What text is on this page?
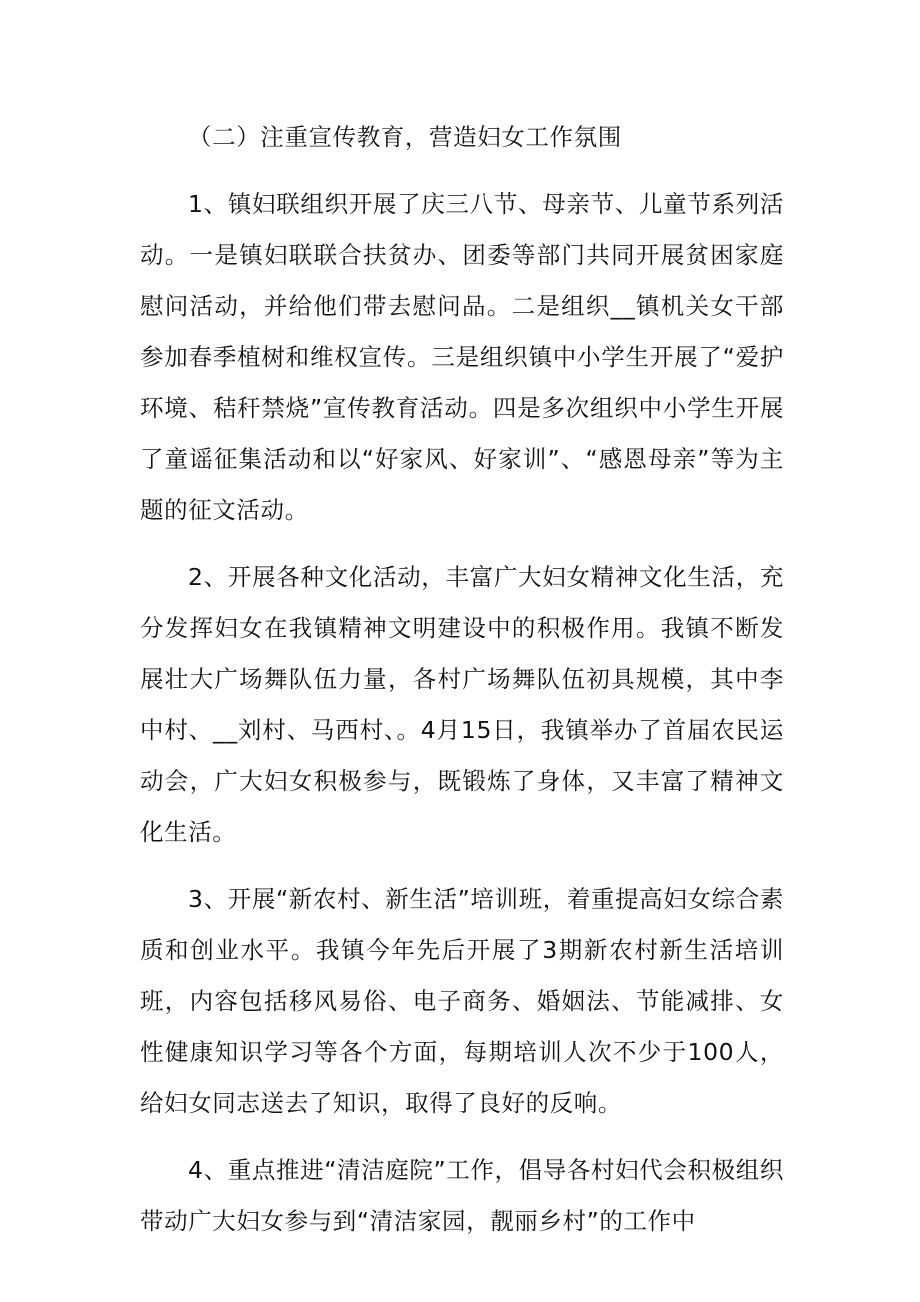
（二）注重宣传教育，营造妇女工作氛围

1、镇妇联组织开展了庆三八节、母亲节、儿童节系列活动。一是镇妇联联合扶贫办、团委等部门共同开展贫困家庭慰问活动，并给他们带去慰问品。二是组织__镇机关女干部参加春季植树和维权宣传。三是组织镇中小学生开展了“爱护环境、秸秆禁烧”宣传教育活动。四是多次组织中小学生开展了童谣征集活动和以“好家风、好家训”、“感恩母亲”等为主题的征文活动。

2、开展各种文化活动，丰富广大妇女精神文化生活，充分发挥妇女在我镇精神文明建设中的积极作用。我镇不断发展壮大广场舞队伍力量，各村广场舞队伍初具规模，其中李中村、__刘村、马西村、。4月15日，我镇举办了首届农民运动会，广大妇女积极参与，既锻炼了身体，又丰富了精神文化生活。

3、开展“新农村、新生活”培训班，着重提高妇女综合素质和创业水平。我镇今年先后开展了3期新农村新生活培训班，内容包括移风易俗、电子商务、婚姻法、节能减排、女性健康知识学习等各个方面，每期培训人次不少于100人，给妇女同志送去了知识，取得了良好的反响。

4、重点推进“清洁庭院”工作，倡导各村妇代会积极组织带动广大妇女参与到“清洁家园，靓丽乡村”的工作中
